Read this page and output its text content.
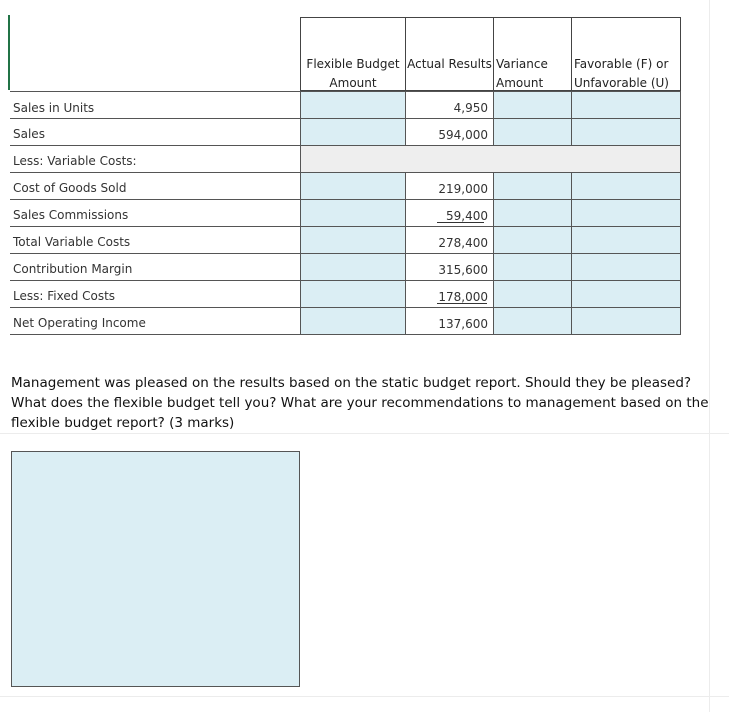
Flexible Budget Amount
Actual Results Variance Amount
Favorable (F) or Unfavorable (U)
Sales in Units
Sales
Less: Variable Costs:
Cost of Goods Sold
Sales Commissions
Total Variable Costs
Contribution Margin
Less: Fixed Costs
Net Operating Income
4,950
594,000
219,000
59,400
278,400
315,600
178,000
137,600
Management was pleased on the results based on the static budget report. Should they be pleased? What does the flexible budget tell you? What are your recommendations to management based on the flexible budget report? (3 marks)
